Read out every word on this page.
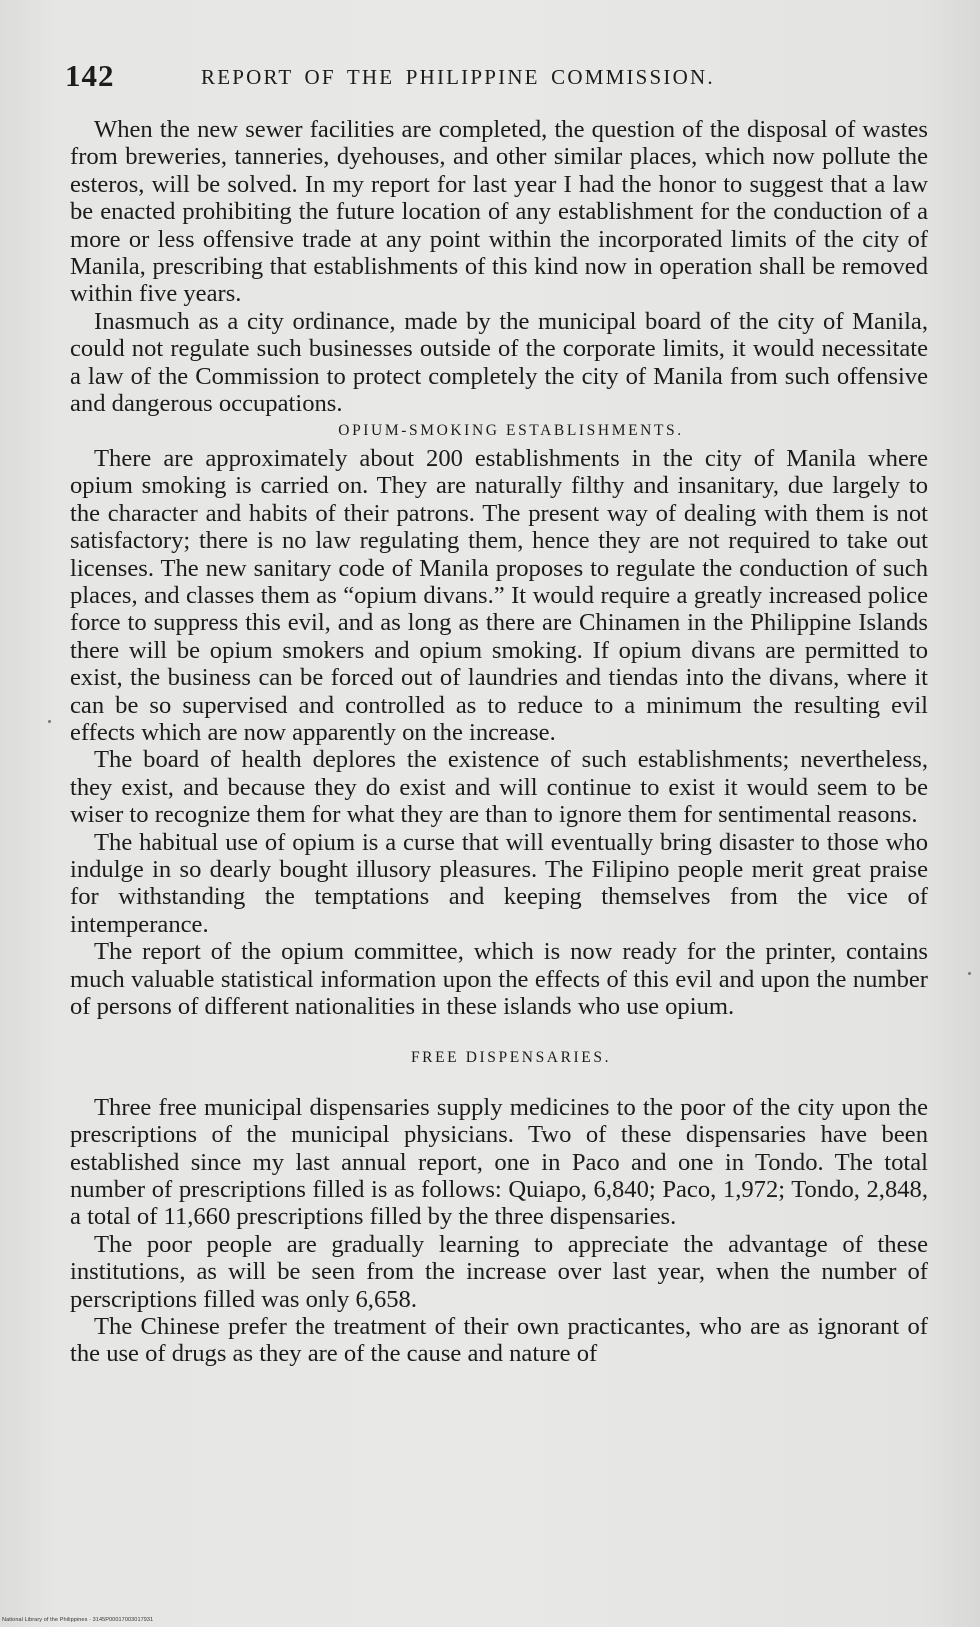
142	REPORT OF THE PHILIPPINE COMMISSION.

When the new sewer facilities are completed, the question of the disposal of wastes from breweries, tanneries, dyehouses, and other similar places, which now pollute the esteros, will be solved. In my report for last year I had the honor to suggest that a law be enacted prohibiting the future location of any establishment for the conduction of a more or less offensive trade at any point within the incorporated limits of the city of Manila, prescribing that establishments of this kind now in operation shall be removed within five years.

Inasmuch as a city ordinance, made by the municipal board of the city of Manila, could not regulate such businesses outside of the corporate limits, it would necessitate a law of the Commission to protect completely the city of Manila from such offensive and dangerous occupations.

OPIUM-SMOKING ESTABLISHMENTS.

There are approximately about 200 establishments in the city of Manila where opium smoking is carried on. They are naturally filthy and insanitary, due largely to the character and habits of their patrons. The present way of dealing with them is not satisfactory; there is no law regulating them, hence they are not required to take out licenses. The new sanitary code of Manila proposes to regulate the conduction of such places, and classes them as “opium divans.” It would require a greatly increased police force to suppress this evil, and as long as there are Chinamen in the Philippine Islands there will be opium smokers and opium smoking. If opium divans are permitted to exist, the business can be forced out of laundries and tiendas into the divans, where it can be so supervised and controlled as to reduce to a minimum the resulting evil effects which are now apparently on the increase.

The board of health deplores the existence of such establishments; nevertheless, they exist, and because they do exist and will continue to exist it would seem to be wiser to recognize them for what they are than to ignore them for sentimental reasons.

The habitual use of opium is a curse that will eventually bring disaster to those who indulge in so dearly bought illusory pleasures. The Filipino people merit great praise for withstanding the temptations and keeping themselves from the vice of intemperance.

The report of the opium committee, which is now ready for the printer, contains much valuable statistical information upon the effects of this evil and upon the number of persons of different nationalities in these islands who use opium.

FREE DISPENSARIES.

Three free municipal dispensaries supply medicines to the poor of the city upon the prescriptions of the municipal physicians. Two of these dispensaries have been established since my last annual report, one in Paco and one in Tondo. The total number of prescriptions filled is as follows: Quiapo, 6,840; Paco, 1,972; Tondo, 2,848, a total of 11,660 prescriptions filled by the three dispensaries.

The poor people are gradually learning to appreciate the advantage of these institutions, as will be seen from the increase over last year, when the number of perscriptions filled was only 6,658.

The Chinese prefer the treatment of their own practicantes, who are as ignorant of the use of drugs as they are of the cause and nature of

National Library of the Philippines · 3145P00017003017931
